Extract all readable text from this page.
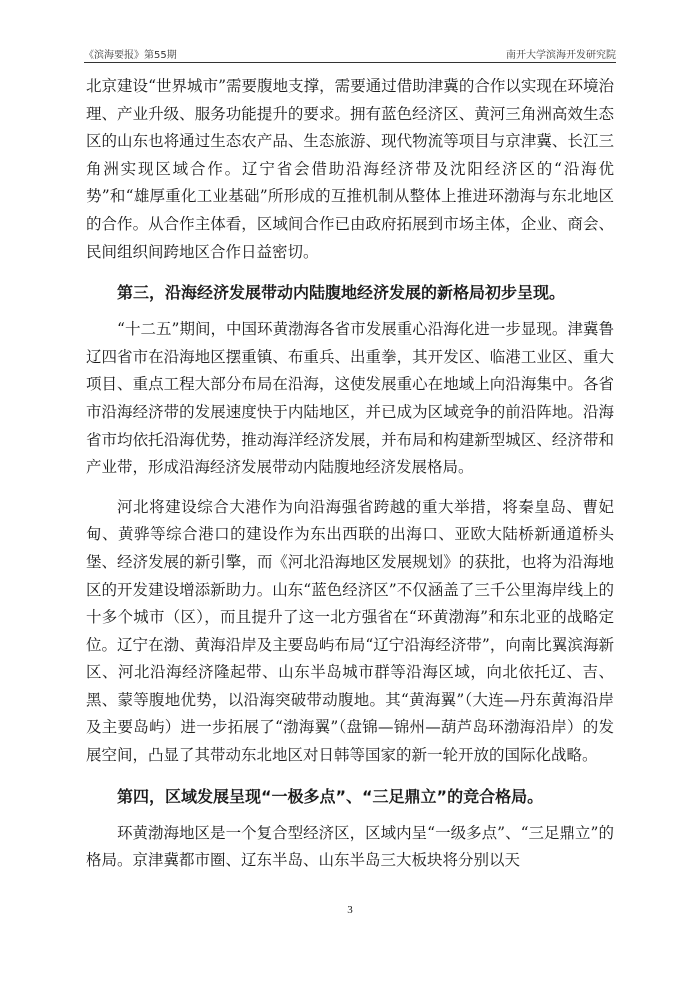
《滨海要报》第55期	南开大学滨海开发研究院

北京建设“世界城市”需要腹地支撑，需要通过借助津冀的合作以实现在环境治理、产业升级、服务功能提升的要求。拥有蓝色经济区、黄河三角洲高效生态区的山东也将通过生态农产品、生态旅游、现代物流等项目与京津冀、长江三角洲实现区域合作。辽宁省会借助沿海经济带及沈阳经济区的“沿海优势”和“雄厚重化工业基础”所形成的互推机制从整体上推进环渤海与东北地区的合作。从合作主体看，区域间合作已由政府拓展到市场主体，企业、商会、民间组织间跨地区合作日益密切。

第三，沿海经济发展带动内陆腹地经济发展的新格局初步呈现。

“十二五”期间，中国环黄渤海各省市发展重心沿海化进一步显现。津冀鲁辽四省市在沿海地区摆重镇、布重兵、出重拳，其开发区、临港工业区、重大项目、重点工程大部分布局在沿海，这使发展重心在地域上向沿海集中。各省市沿海经济带的发展速度快于内陆地区，并已成为区域竞争的前沿阵地。沿海省市均依托沿海优势，推动海洋经济发展，并布局和构建新型城区、经济带和产业带，形成沿海经济发展带动内陆腹地经济发展格局。

河北将建设综合大港作为向沿海强省跨越的重大举措，将秦皇岛、曹妃甸、黄骅等综合港口的建设作为东出西联的出海口、亚欧大陆桥新通道桥头堡、经济发展的新引擎，而《河北沿海地区发展规划》的获批，也将为沿海地区的开发建设增添新助力。山东“蓝色经济区”不仅涵盖了三千公里海岸线上的十多个城市（区），而且提升了这一北方强省在“环黄渤海”和东北亚的战略定位。辽宁在渤、黄海沿岸及主要岛屿布局“辽宁沿海经济带”，向南比翼滨海新区、河北沿海经济隆起带、山东半岛城市群等沿海区域，向北依托辽、吉、黑、蒙等腹地优势，以沿海突破带动腹地。其“黄海翼”（大连—丹东黄海沿岸及主要岛屿）进一步拓展了“渤海翼”（盘锦—锦州—葫芦岛环渤海沿岸）的发展空间，凸显了其带动东北地区对日韩等国家的新一轮开放的国际化战略。

第四，区域发展呈现“一极多点”、“三足鼎立”的竞合格局。

环黄渤海地区是一个复合型经济区，区域内呈“一级多点”、“三足鼎立”的格局。京津冀都市圈、辽东半岛、山东半岛三大板块将分别以天

3
